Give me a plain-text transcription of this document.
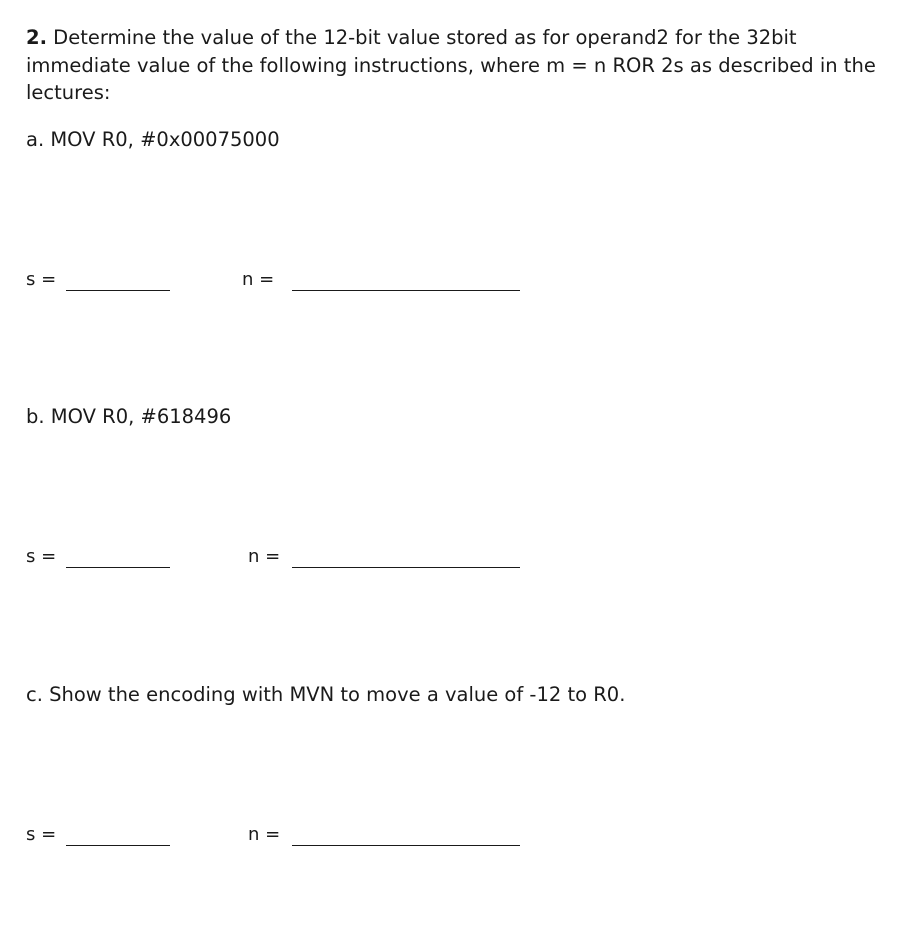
2. Determine the value of the 12-bit value stored as for operand2 for the 32bit immediate value of the following instructions, where m = n ROR 2s as described in the lectures:

a. MOV R0, #0x00075000

s =	n =

b. MOV R0, #618496

s =	n =

c. Show the encoding with MVN to move a value of -12 to R0.

s =	n =
